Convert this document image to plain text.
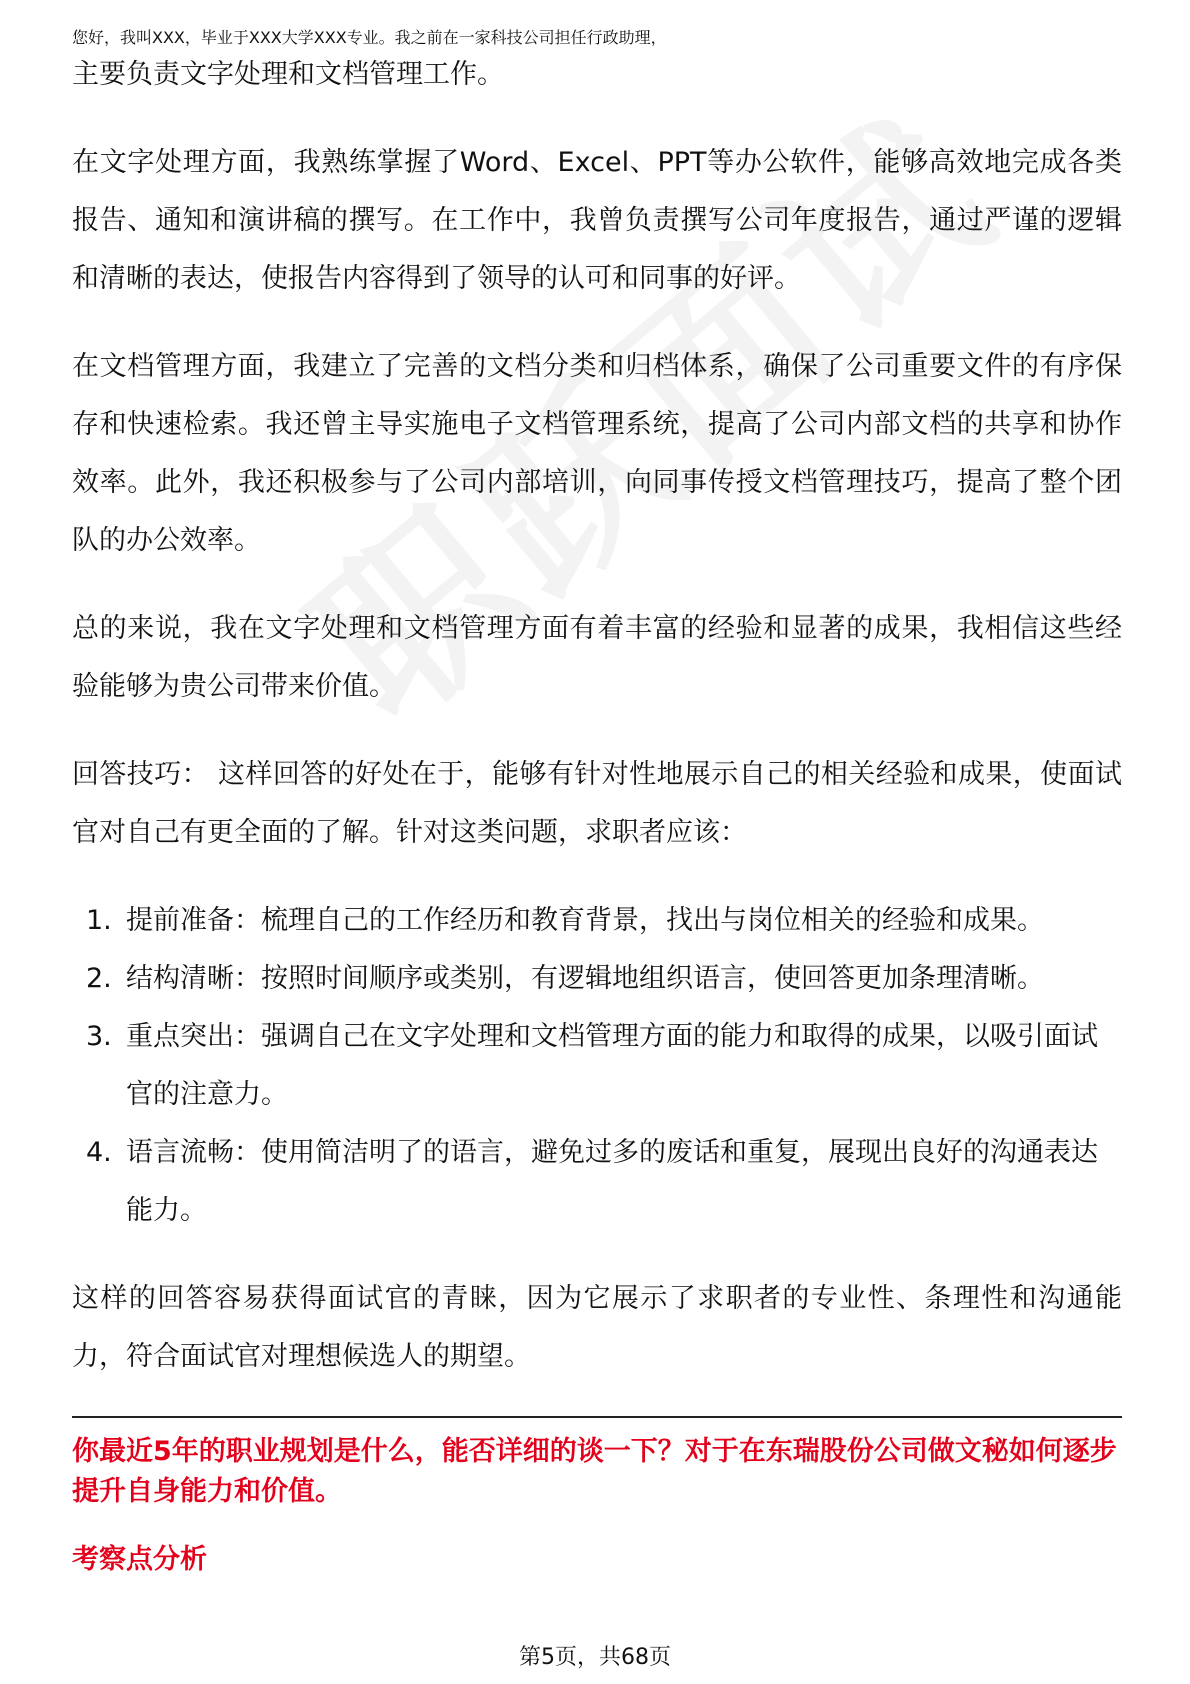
您好，我叫XXX，毕业于XXX大学XXX专业。我之前在一家科技公司担任行政助理，

主要负责文字处理和文档管理工作。

在文字处理方面，我熟练掌握了Word、Excel、PPT等办公软件，能够高效地完成各类报告、通知和演讲稿的撰写。在工作中，我曾负责撰写公司年度报告，通过严谨的逻辑和清晰的表达，使报告内容得到了领导的认可和同事的好评。

在文档管理方面，我建立了完善的文档分类和归档体系，确保了公司重要文件的有序保存和快速检索。我还曾主导实施电子文档管理系统，提高了公司内部文档的共享和协作效率。此外，我还积极参与了公司内部培训，向同事传授文档管理技巧，提高了整个团队的办公效率。

总的来说，我在文字处理和文档管理方面有着丰富的经验和显著的成果，我相信这些经验能够为贵公司带来价值。

回答技巧： 这样回答的好处在于，能够有针对性地展示自己的相关经验和成果，使面试官对自己有更全面的了解。针对这类问题，求职者应该：

1. 提前准备：梳理自己的工作经历和教育背景，找出与岗位相关的经验和成果。
2. 结构清晰：按照时间顺序或类别，有逻辑地组织语言，使回答更加条理清晰。
3. 重点突出：强调自己在文字处理和文档管理方面的能力和取得的成果，以吸引面试官的注意力。
4. 语言流畅：使用简洁明了的语言，避免过多的废话和重复，展现出良好的沟通表达能力。

这样的回答容易获得面试官的青睐，因为它展示了求职者的专业性、条理性和沟通能力，符合面试官对理想候选人的期望。

你最近5年的职业规划是什么，能否详细的谈一下？对于在东瑞股份公司做文秘如何逐步提升自身能力和价值。

考察点分析

第5页，共68页
